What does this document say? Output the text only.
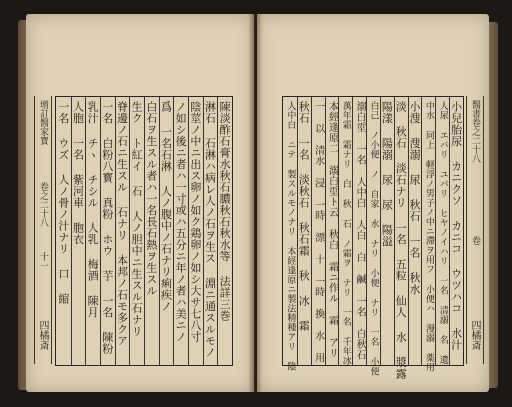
增訂醫家寳
卷之二十八
十一
四橘斎
陳淡酢石膏水秋石膿秋石秋水等 法詳三巻
淋石 石淋ハ病レ人ノ石ヲ生ス 淵ニ通スルモノ
陰莖ノ中ニ出ス卵ノ如ク鶏卵ノ如シ大サ七八寸
ノ如シ後ニ者ハ一寸或ハ五分ニ年ノ者ハ美ニノ
爲 一名石淋 人ノ腹中ノ石ナリ痢疾ノ
白石ヲ生スル者ハ一名長石熱ヲ生スル
生ク ト紅イ 石 人ノ胆中ニ生スル石ナリ
脊邊ノ石ニ生スル 石ナリ 本邦ノ石モ多クア
一名 白粉八寳 真粉 ホウ 芋 一名 陳粉
乳汁 チヽ チシル 人乳 梅酒 陳月
人胞 一名 紫河車 胞衣
一名 ウズ 人ノ骨ノ汁ナリ 口 縮	小兒胎尿 カニクソ カニコ ウツハコ 水汁
人尿 エバリ ユバリ ヒヤノイハリ 一名 清溺 名 遺
中水 同上 軽浮ノ男子ノ中ニ滯ヲ用フ 小便ハ 漫溺 薬用
小溲 溲溺 尿 秋石 一名 秋水
淡 秋石 淡石ナリ 一名 五粒 仙人 水 漿露
陽漾 陽溺 尿 尿 陽溢
白己 ノ小便 ノ 自家 水 ナリ 小便 ナリ 一名 小便
溺白垽 一名 人中白 人白 白 鹹 一名 白秋石
萬年霜 霜ナリ 白 秋 石 ノ霜ヲ ナリ 一名 千年冰
本經逢原二 溺白垽ト云 秋白 霜ニ作ル 霜 アリ
一 以 清水 浸 一時 漂 十 一時 換 水 用
秋石 一名 淡秋石 秋石霜 秋 冰 霜
人中白 ニテ 製スルモノナリ 本經逢原ニ製法精種アリ 陰	醫書卷之二十八
卷
四橘斎
